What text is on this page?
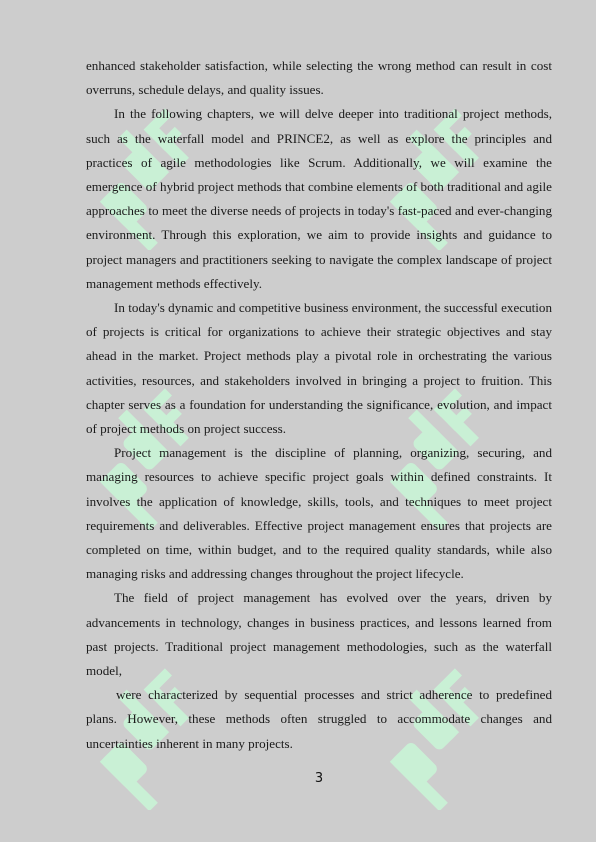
enhanced stakeholder satisfaction, while selecting the wrong method can result in cost overruns, schedule delays, and quality issues.

In the following chapters, we will delve deeper into traditional project methods, such as the waterfall model and PRINCE2, as well as explore the principles and practices of agile methodologies like Scrum. Additionally, we will examine the emergence of hybrid project methods that combine elements of both traditional and agile approaches to meet the diverse needs of projects in today's fast-paced and ever-changing environment. Through this exploration, we aim to provide insights and guidance to project managers and practitioners seeking to navigate the complex landscape of project management methods effectively.

In today's dynamic and competitive business environment, the successful execution of projects is critical for organizations to achieve their strategic objectives and stay ahead in the market. Project methods play a pivotal role in orchestrating the various activities, resources, and stakeholders involved in bringing a project to fruition. This chapter serves as a foundation for understanding the significance, evolution, and impact of project methods on project success.

Project management is the discipline of planning, organizing, securing, and managing resources to achieve specific project goals within defined constraints. It involves the application of knowledge, skills, tools, and techniques to meet project requirements and deliverables. Effective project management ensures that projects are completed on time, within budget, and to the required quality standards, while also managing risks and addressing changes throughout the project lifecycle.

The field of project management has evolved over the years, driven by advancements in technology, changes in business practices, and lessons learned from past projects. Traditional project management methodologies, such as the waterfall model,

were characterized by sequential processes and strict adherence to predefined plans. However, these methods often struggled to accommodate changes and uncertainties inherent in many projects.

3
